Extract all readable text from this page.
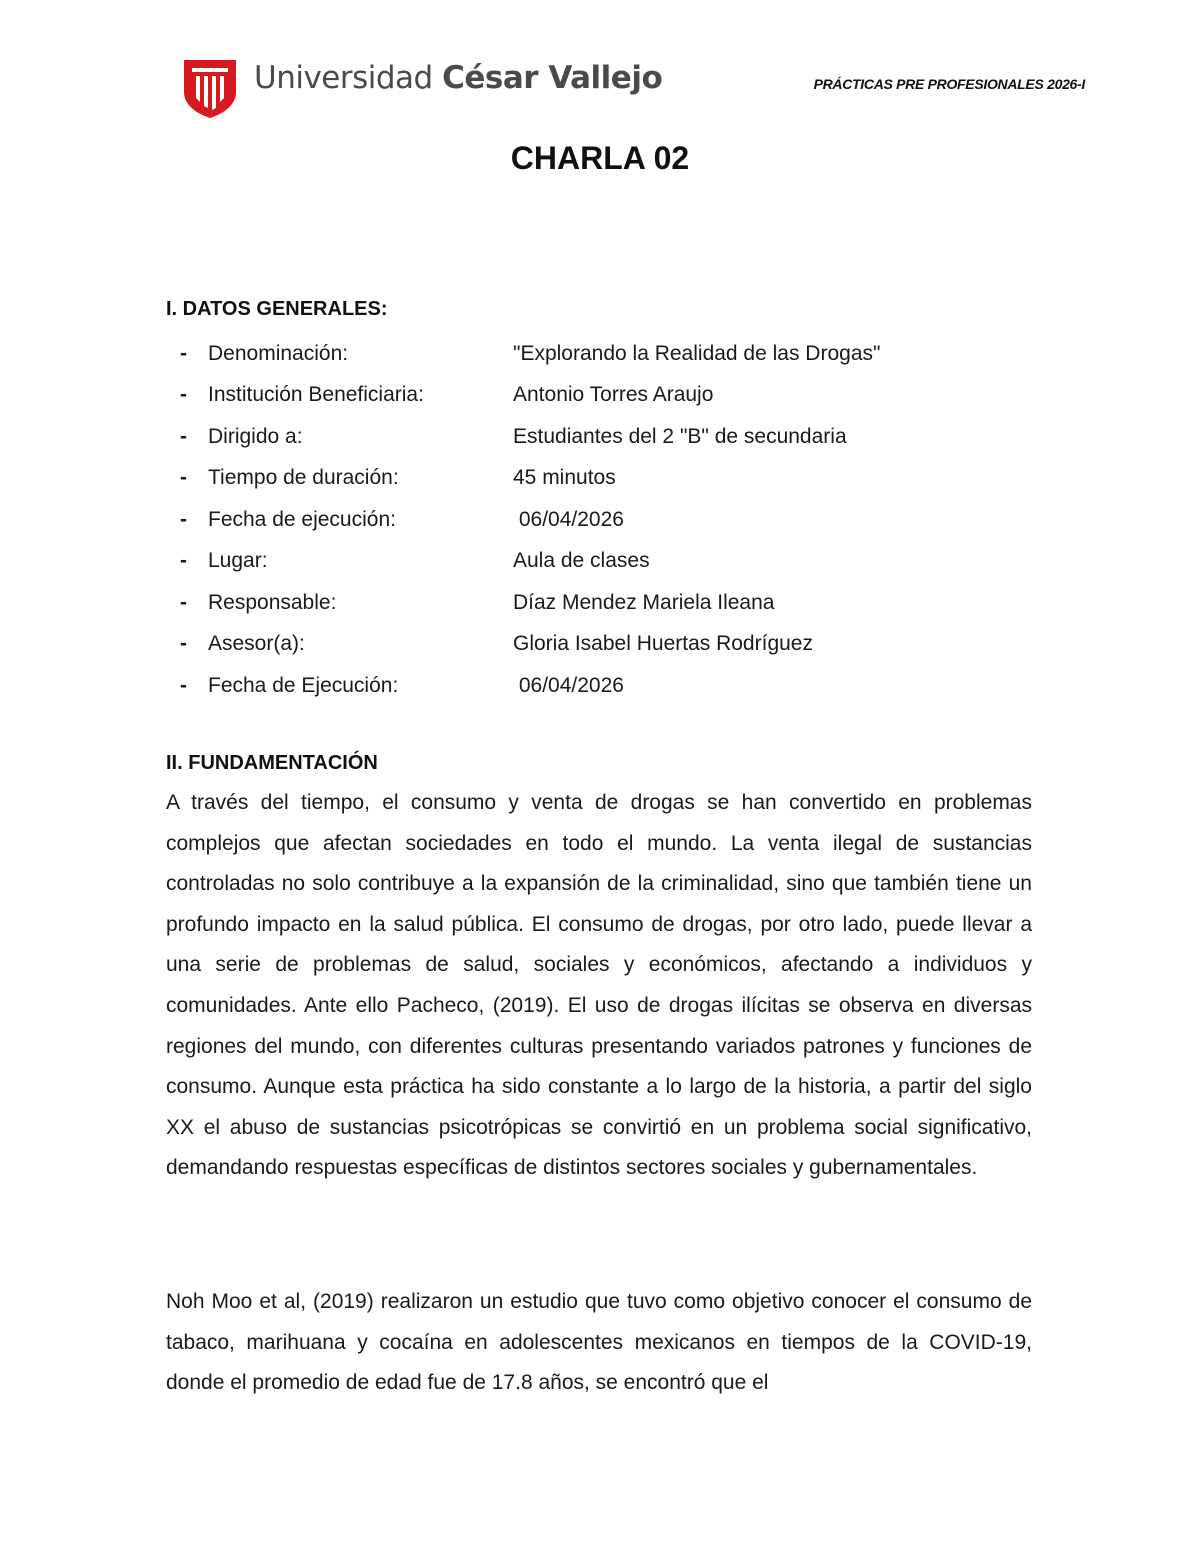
Universidad César Vallejo	PRÁCTICAS PRE PROFESIONALES 2026-I
CHARLA 02
I. DATOS GENERALES:
-	Denominación:	"Explorando la Realidad de las Drogas"
-	Institución Beneficiaria:	Antonio Torres Araujo
-	Dirigido a:	Estudiantes del 2 "B" de secundaria
-	Tiempo de duración:	45 minutos
-	Fecha de ejecución:	06/04/2026
-	Lugar:	Aula de clases
-	Responsable:	Díaz Mendez Mariela Ileana
-	Asesor(a):	Gloria Isabel Huertas Rodríguez
-	Fecha de Ejecución:	06/04/2026
II. FUNDAMENTACIÓN

A través del tiempo, el consumo y venta de drogas se han convertido en problemas complejos que afectan sociedades en todo el mundo. La venta ilegal de sustancias controladas no solo contribuye a la expansión de la criminalidad, sino que también tiene un profundo impacto en la salud pública. El consumo de drogas, por otro lado, puede llevar a una serie de problemas de salud, sociales y económicos, afectando a individuos y comunidades. Ante ello Pacheco, (2019). El uso de drogas ilícitas se observa en diversas regiones del mundo, con diferentes culturas presentando variados patrones y funciones de consumo. Aunque esta práctica ha sido constante a lo largo de la historia, a partir del siglo XX el abuso de sustancias psicotrópicas se convirtió en un problema social significativo, demandando respuestas específicas de distintos sectores sociales y gubernamentales.

Noh Moo et al, (2019) realizaron un estudio que tuvo como objetivo conocer el consumo de tabaco, marihuana y cocaína en adolescentes mexicanos en tiempos de la COVID-19, donde el promedio de edad fue de 17.8 años, se encontró que el
